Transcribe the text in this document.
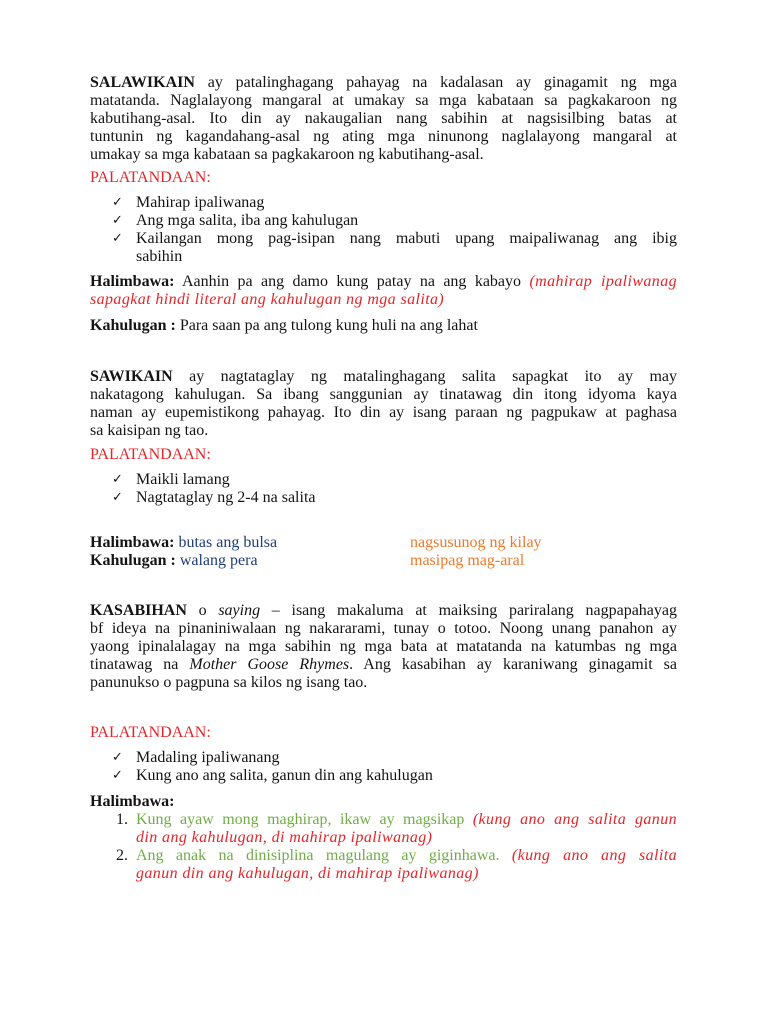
SALAWIKAIN ay patalinghagang pahayag na kadalasan ay ginagamit ng mga
matatanda. Naglalayong mangaral at umakay sa mga kabataan sa pagkakaroon ng
kabutihang-asal. Ito din ay nakaugalian nang sabihin at nagsisilbing batas at
tuntunin ng kagandahang-asal ng ating mga ninunong naglalayong mangaral at
umakay sa mga kabataan sa pagkakaroon ng kabutihang-asal.
PALATANDAAN:
✓
Mahirap ipaliwanag
✓
Ang mga salita, iba ang kahulugan
✓
Kailangan mong pag-isipan nang mabuti upang maipaliwanag ang ibig
sabihin
Halimbawa: Aanhin pa ang damo kung patay na ang kabayo (mahirap ipaliwanag
sapagkat hindi literal ang kahulugan ng mga salita)
Kahulugan : Para saan pa ang tulong kung huli na ang lahat
SAWIKAIN ay nagtataglay ng matalinghagang salita sapagkat ito ay may
nakatagong kahulugan. Sa ibang sanggunian ay tinatawag din itong idyoma kaya
naman ay eupemistikong pahayag. Ito din ay isang paraan ng pagpukaw at paghasa
sa kaisipan ng tao.
PALATANDAAN:
✓
Maikli lamang
✓
Nagtataglay ng 2-4 na salita
Halimbawa: butas ang bulsa	nagsusunog ng kilay
Kahulugan : walang pera	masipag mag-aral
KASABIHAN o saying – isang makaluma at maiksing pariralang nagpapahayag
bf ideya na pinaniniwalaan ng nakararami, tunay o totoo. Noong unang panahon ay
yaong ipinalalagay na mga sabihin ng mga bata at matatanda na katumbas ng mga
tinatawag na Mother Goose Rhymes. Ang kasabihan ay karaniwang ginagamit sa
panunukso o pagpuna sa kilos ng isang tao.
PALATANDAAN:
✓
Madaling ipaliwanang
✓
Kung ano ang salita, ganun din ang kahulugan
Halimbawa:
1. Kung ayaw mong maghirap, ikaw ay magsikap (kung ano ang salita ganun
din ang kahulugan, di mahirap ipaliwanag)
2. Ang anak na dinisiplina magulang ay giginhawa. (kung ano ang salita
ganun din ang kahulugan, di mahirap ipaliwanag)
